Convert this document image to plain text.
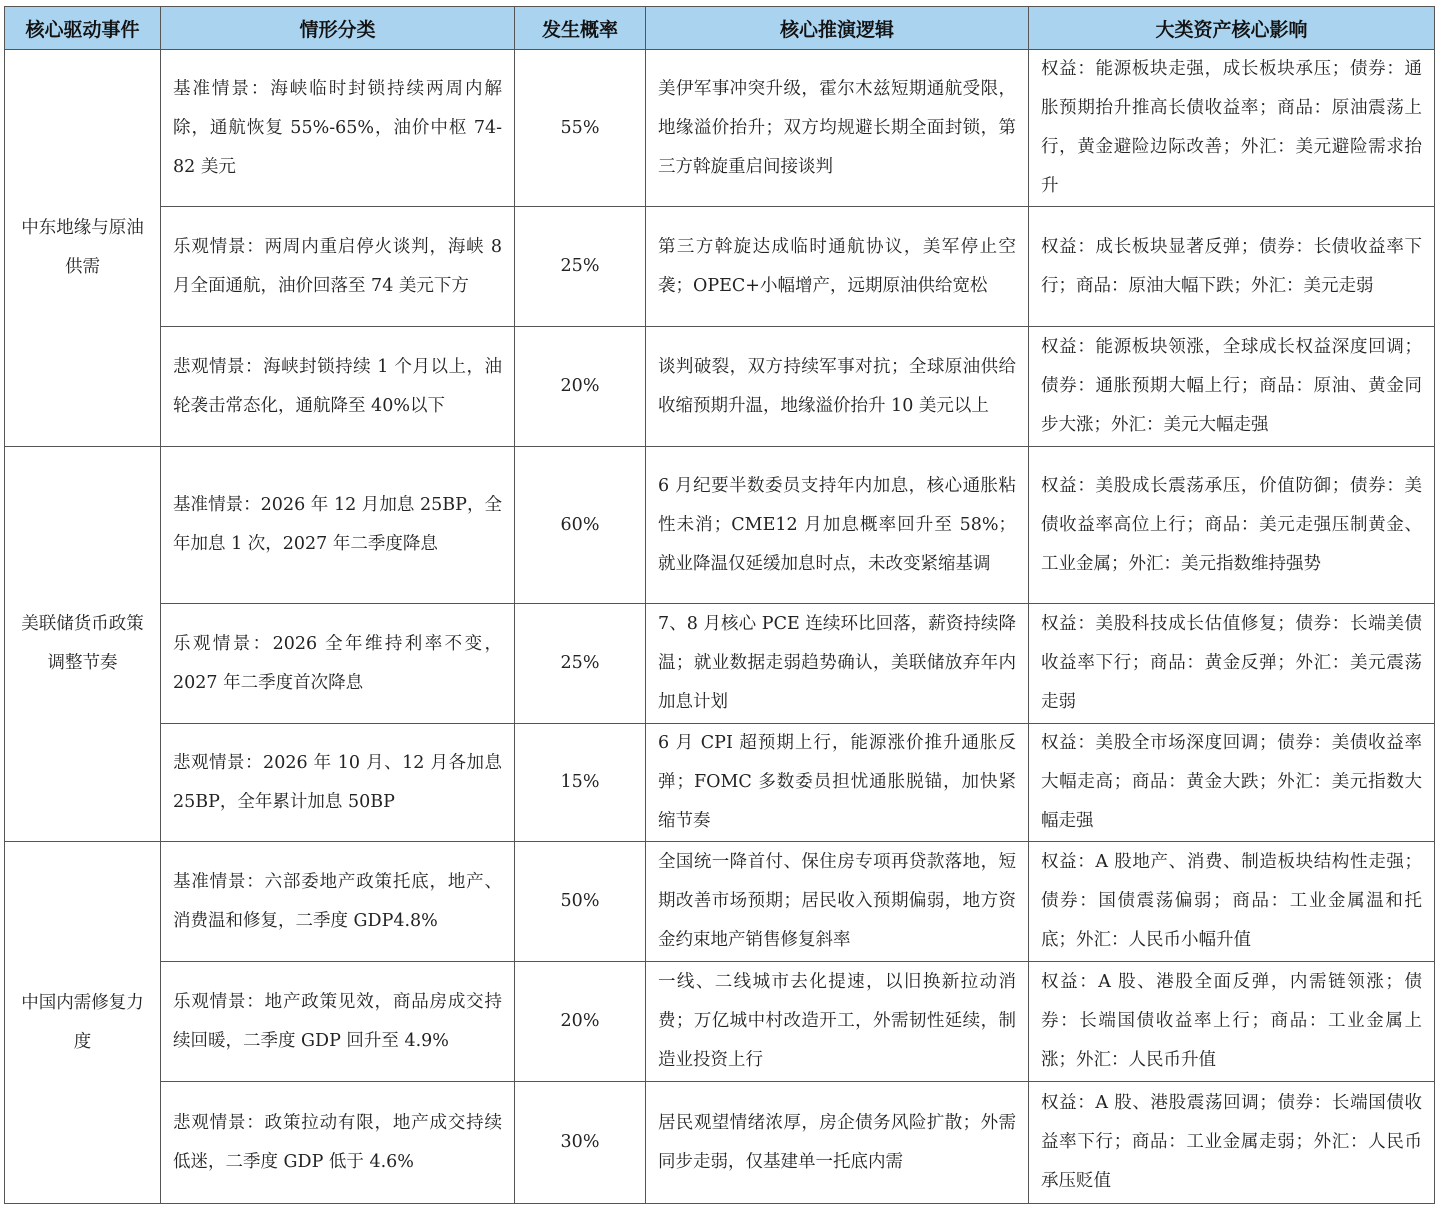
核心驱动事件	情形分类	发生概率	核心推演逻辑	大类资产核心影响
中东地缘与原油供需	基准情景：海峡临时封锁持续两周内解除，通航恢复 55%-65%，油价中枢 74-82 美元	55%	美伊军事冲突升级，霍尔木兹短期通航受限，地缘溢价抬升；双方均规避长期全面封锁，第三方斡旋重启间接谈判	权益：能源板块走强，成长板块承压；债券：通胀预期抬升推高长债收益率；商品：原油震荡上行，黄金避险边际改善；外汇：美元避险需求抬升
	乐观情景：两周内重启停火谈判，海峡 8 月全面通航，油价回落至 74 美元下方	25%	第三方斡旋达成临时通航协议，美军停止空袭；OPEC+小幅增产，远期原油供给宽松	权益：成长板块显著反弹；债券：长债收益率下行；商品：原油大幅下跌；外汇：美元走弱
	悲观情景：海峡封锁持续 1 个月以上，油轮袭击常态化，通航降至 40%以下	20%	谈判破裂，双方持续军事对抗；全球原油供给收缩预期升温，地缘溢价抬升 10 美元以上	权益：能源板块领涨，全球成长权益深度回调；债券：通胀预期大幅上行；商品：原油、黄金同步大涨；外汇：美元大幅走强
美联储货币政策调整节奏	基准情景：2026 年 12 月加息 25BP，全年加息 1 次，2027 年二季度降息	60%	6 月纪要半数委员支持年内加息，核心通胀粘性未消；CME12 月加息概率回升至 58%；就业降温仅延缓加息时点，未改变紧缩基调	权益：美股成长震荡承压，价值防御；债券：美债收益率高位上行；商品：美元走强压制黄金、工业金属；外汇：美元指数维持强势
	乐观情景：2026 全年维持利率不变，2027 年二季度首次降息	25%	7、8 月核心 PCE 连续环比回落，薪资持续降温；就业数据走弱趋势确认，美联储放弃年内加息计划	权益：美股科技成长估值修复；债券：长端美债收益率下行；商品：黄金反弹；外汇：美元震荡走弱
	悲观情景：2026 年 10 月、12 月各加息 25BP，全年累计加息 50BP	15%	6 月 CPI 超预期上行，能源涨价推升通胀反弹；FOMC 多数委员担忧通胀脱锚，加快紧缩节奏	权益：美股全市场深度回调；债券：美债收益率大幅走高；商品：黄金大跌；外汇：美元指数大幅走强
中国内需修复力度	基准情景：六部委地产政策托底，地产、消费温和修复，二季度 GDP4.8%	50%	全国统一降首付、保住房专项再贷款落地，短期改善市场预期；居民收入预期偏弱，地方资金约束地产销售修复斜率	权益：A 股地产、消费、制造板块结构性走强；债券：国债震荡偏弱；商品：工业金属温和托底；外汇：人民币小幅升值
	乐观情景：地产政策见效，商品房成交持续回暖，二季度 GDP 回升至 4.9%	20%	一线、二线城市去化提速，以旧换新拉动消费；万亿城中村改造开工，外需韧性延续，制造业投资上行	权益：A 股、港股全面反弹，内需链领涨；债券：长端国债收益率上行；商品：工业金属上涨；外汇：人民币升值
	悲观情景：政策拉动有限，地产成交持续低迷，二季度 GDP 低于 4.6%	30%	居民观望情绪浓厚，房企债务风险扩散；外需同步走弱，仅基建单一托底内需	权益：A 股、港股震荡回调；债券：长端国债收益率下行；商品：工业金属走弱；外汇：人民币承压贬值
